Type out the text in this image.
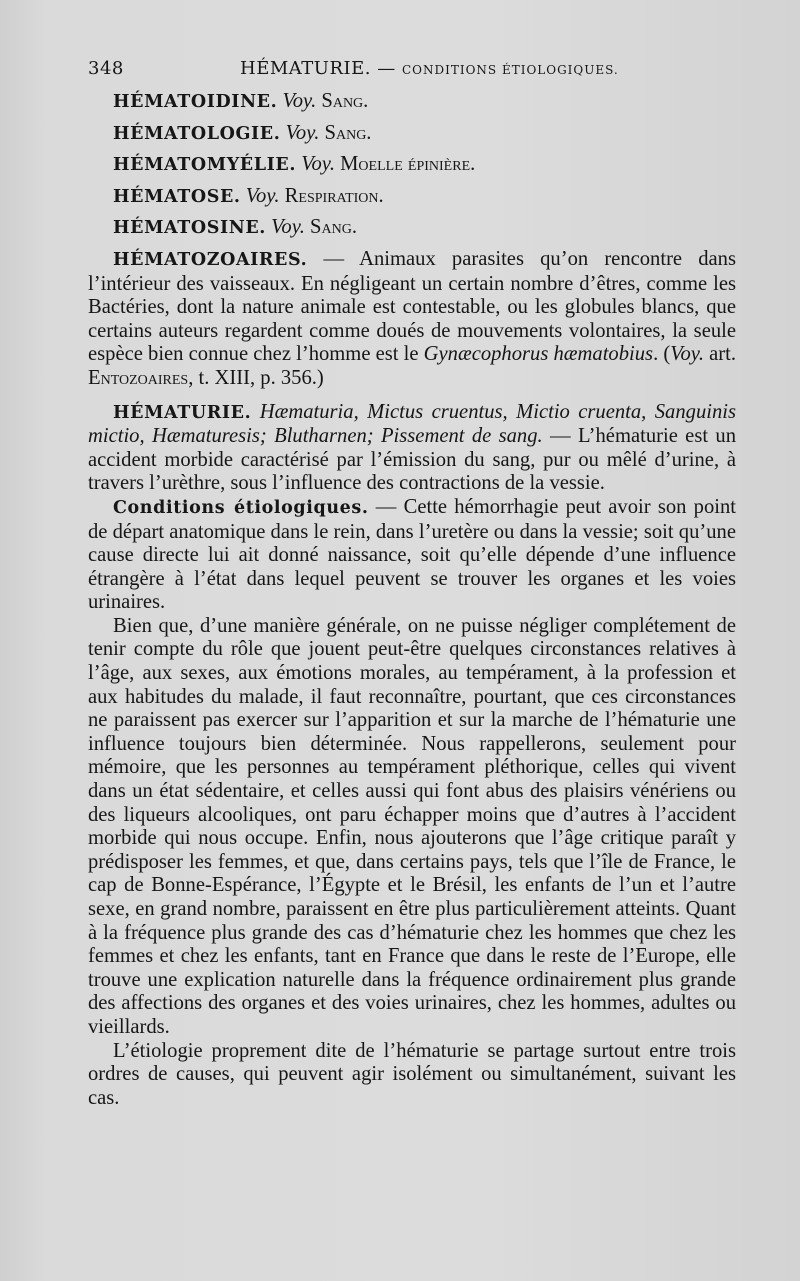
348	HÉMATURIE. — CONDITIONS ÉTIOLOGIQUES.
HÉMATOIDINE. Voy. Sang.
HÉMATOLOGIE. Voy. Sang.
HÉMATOMYÉLIE. Voy. Moelle épinière.
HÉMATOSE. Voy. Respiration.
HÉMATOSINE. Voy. Sang.

HÉMATOZOAIRES. — Animaux parasites qu’on rencontre dans l’intérieur des vaisseaux. En négligeant un certain nombre d’êtres, comme les Bactéries, dont la nature animale est contestable, ou les globules blancs, que certains auteurs regardent comme doués de mouvements volontaires, la seule espèce bien connue chez l’homme est le Gynæcophorus hæmatobius. (Voy. art. Entozoaires, t. XIII, p. 356.)

HÉMATURIE. Hæmaturia, Mictus cruentus, Mictio cruenta, Sanguinis mictio, Hæmaturesis; Blutharnen; Pissement de sang. — L’hématurie est un accident morbide caractérisé par l’émission du sang, pur ou mêlé d’urine, à travers l’urèthre, sous l’influence des contractions de la vessie.

Conditions étiologiques. — Cette hémorrhagie peut avoir son point de départ anatomique dans le rein, dans l’uretère ou dans la vessie; soit qu’une cause directe lui ait donné naissance, soit qu’elle dépende d’une influence étrangère à l’état dans lequel peuvent se trouver les organes et les voies urinaires.

Bien que, d’une manière générale, on ne puisse négliger complétement de tenir compte du rôle que jouent peut-être quelques circonstances relatives à l’âge, aux sexes, aux émotions morales, au tempérament, à la profession et aux habitudes du malade, il faut reconnaître, pourtant, que ces circonstances ne paraissent pas exercer sur l’apparition et sur la marche de l’hématurie une influence toujours bien déterminée. Nous rappellerons, seulement pour mémoire, que les personnes au tempérament pléthorique, celles qui vivent dans un état sédentaire, et celles aussi qui font abus des plaisirs vénériens ou des liqueurs alcooliques, ont paru échapper moins que d’autres à l’accident morbide qui nous occupe. Enfin, nous ajouterons que l’âge critique paraît y prédisposer les femmes, et que, dans certains pays, tels que l’île de France, le cap de Bonne-Espérance, l’Égypte et le Brésil, les enfants de l’un et l’autre sexe, en grand nombre, paraissent en être plus particulièrement atteints. Quant à la fréquence plus grande des cas d’hématurie chez les hommes que chez les femmes et chez les enfants, tant en France que dans le reste de l’Europe, elle trouve une explication naturelle dans la fréquence ordinairement plus grande des affections des organes et des voies urinaires, chez les hommes, adultes ou vieillards.

L’étiologie proprement dite de l’hématurie se partage surtout entre trois ordres de causes, qui peuvent agir isolément ou simultanément, suivant les cas.
